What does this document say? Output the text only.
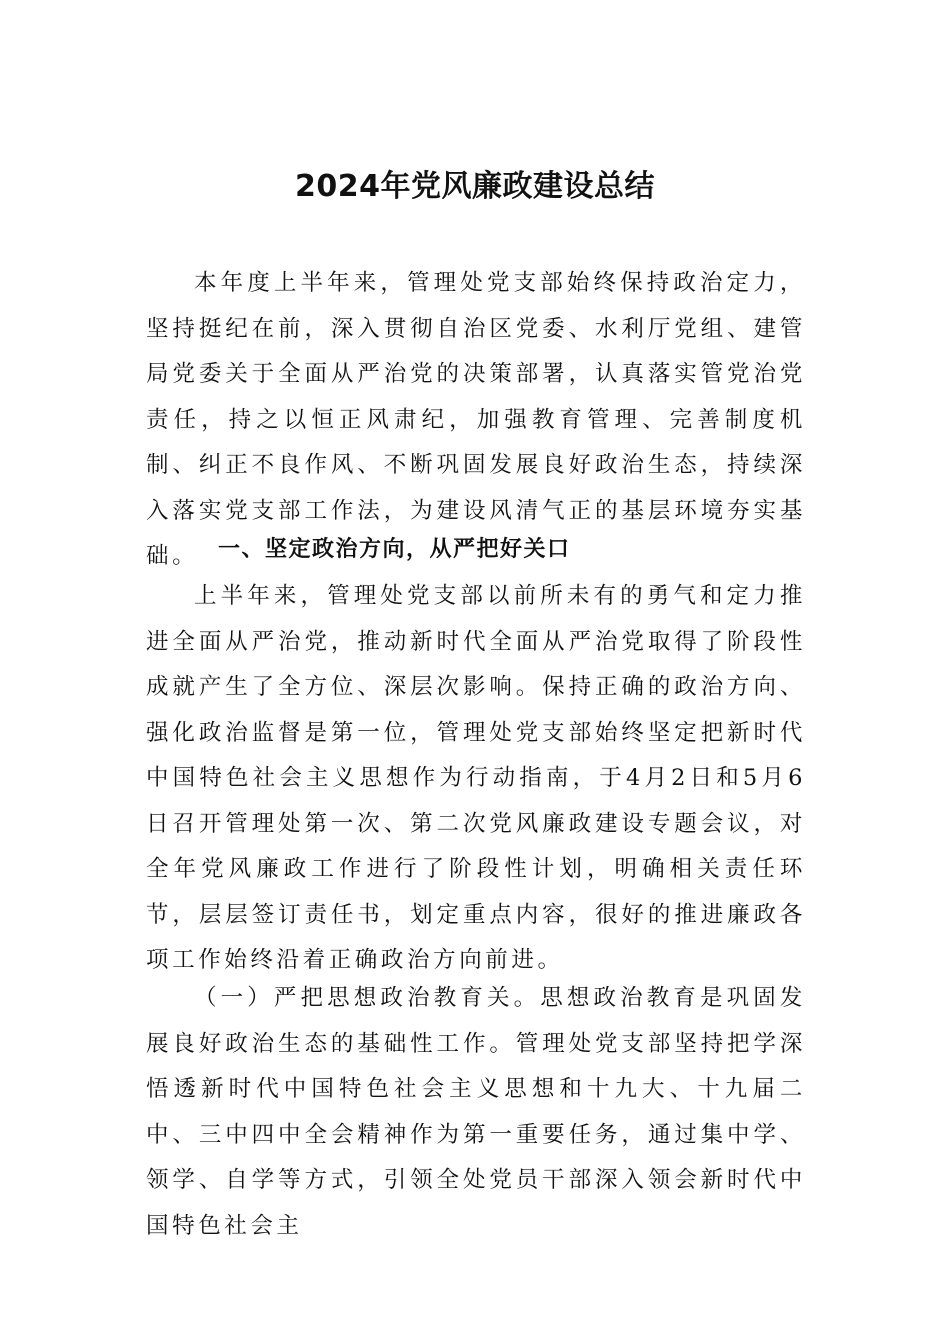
2024年党风廉政建设总结

本年度上半年来，管理处党支部始终保持政治定力，坚持挺纪在前，深入贯彻自治区党委、水利厅党组、建管局党委关于全面从严治党的决策部署，认真落实管党治党责任，持之以恒正风肃纪，加强教育管理、完善制度机制、纠正不良作风、不断巩固发展良好政治生态，持续深入落实党支部工作法，为建设风清气正的基层环境夯实基础。 一、坚定政治方向，从严把好关口

上半年来，管理处党支部以前所未有的勇气和定力推进全面从严治党，推动新时代全面从严治党取得了阶段性成就产生了全方位、深层次影响。保持正确的政治方向、强化政治监督是第一位，管理处党支部始终坚定把新时代中国特色社会主义思想作为行动指南，于4月2日和5月6日召开管理处第一次、第二次党风廉政建设专题会议，对全年党风廉政工作进行了阶段性计划，明确相关责任环节，层层签订责任书，划定重点内容，很好的推进廉政各项工作始终沿着正确政治方向前进。

（一）严把思想政治教育关。思想政治教育是巩固发展良好政治生态的基础性工作。管理处党支部坚持把学深悟透新时代中国特色社会主义思想和十九大、十九届二中、三中四中全会精神作为第一重要任务，通过集中学、领学、自学等方式，引领全处党员干部深入领会新时代中国特色社会主
